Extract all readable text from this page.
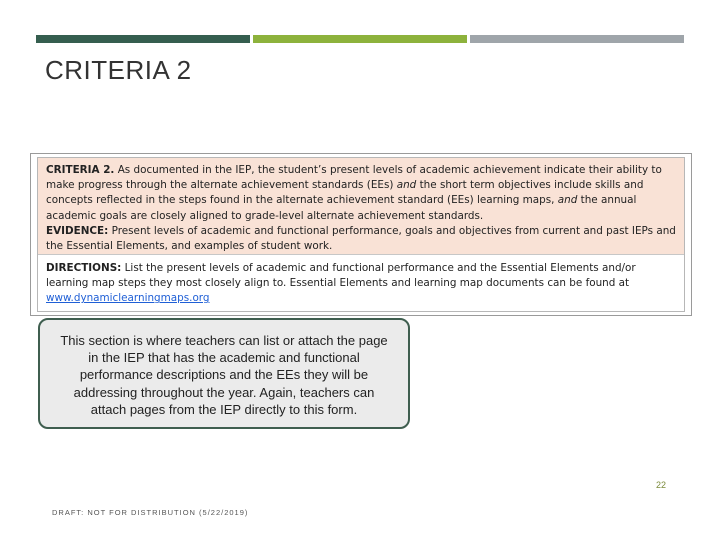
CRITERIA 2
CRITERIA 2. As documented in the IEP, the student’s present levels of academic achievement indicate their ability to make progress through the alternate achievement standards (EEs) and the short term objectives include skills and concepts reflected in the steps found in the alternate achievement standard (EEs) learning maps, and the annual academic goals are closely aligned to grade-level alternate achievement standards.
EVIDENCE: Present levels of academic and functional performance, goals and objectives from current and past IEPs and the Essential Elements, and examples of student work.
DIRECTIONS: List the present levels of academic and functional performance and the Essential Elements and/or learning map steps they most closely align to. Essential Elements and learning map documents can be found at www.dynamiclearningmaps.org
This section is where teachers can list or attach the page in the IEP that has the academic and functional performance descriptions and the EEs they will be addressing throughout the year. Again, teachers can attach pages from the IEP directly to this form.
22
DRAFT: NOT FOR DISTRIBUTION (5/22/2019)
